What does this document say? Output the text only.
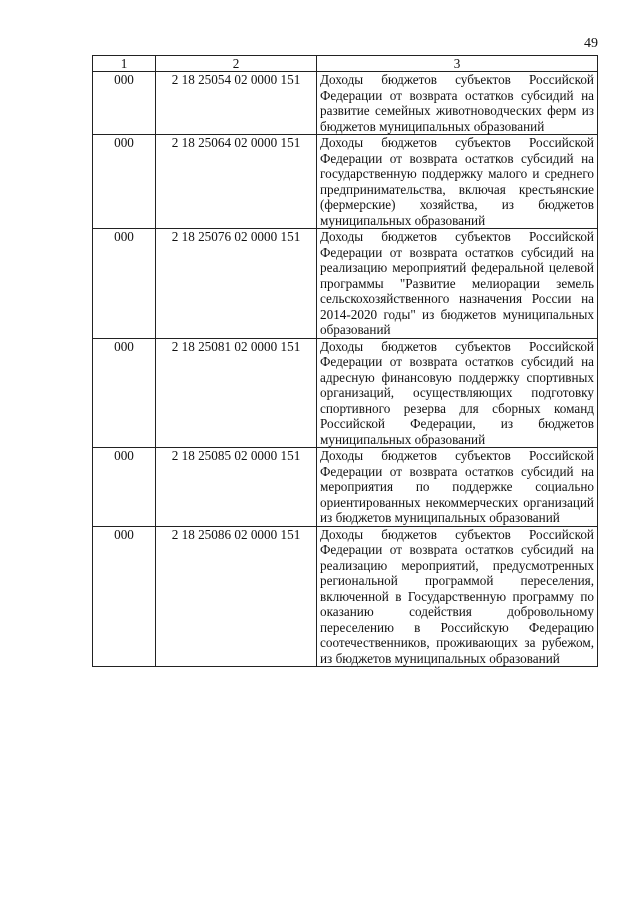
49
1	2	3
000	2 18 25054 02 0000 151	Доходы бюджетов субъектов Российской Федерации от возврата остатков субсидий на развитие семейных животноводческих ферм из бюджетов муниципальных образований
000	2 18 25064 02 0000 151	Доходы бюджетов субъектов Российской Федерации от возврата остатков субсидий на государственную поддержку малого и среднего предпринимательства, включая крестьянские (фермерские) хозяйства, из бюджетов муниципальных образований
000	2 18 25076 02 0000 151	Доходы бюджетов субъектов Российской Федерации от возврата остатков субсидий на реализацию мероприятий федеральной целевой программы "Развитие мелиорации земель сельскохозяйственного назначения России на 2014-2020 годы" из бюджетов муниципальных образований
000	2 18 25081 02 0000 151	Доходы бюджетов субъектов Российской Федерации от возврата остатков субсидий на адресную финансовую поддержку спортивных организаций, осуществляющих подготовку спортивного резерва для сборных команд Российской Федерации, из бюджетов муниципальных образований
000	2 18 25085 02 0000 151	Доходы бюджетов субъектов Российской Федерации от возврата остатков субсидий на мероприятия по поддержке социально ориентированных некоммерческих организаций из бюджетов муниципальных образований
000	2 18 25086 02 0000 151	Доходы бюджетов субъектов Российской Федерации от возврата остатков субсидий на реализацию мероприятий, предусмотренных региональной программой переселения, включенной в Государственную программу по оказанию содействия добровольному переселению в Российскую Федерацию соотечественников, проживающих за рубежом, из бюджетов муниципальных образований
